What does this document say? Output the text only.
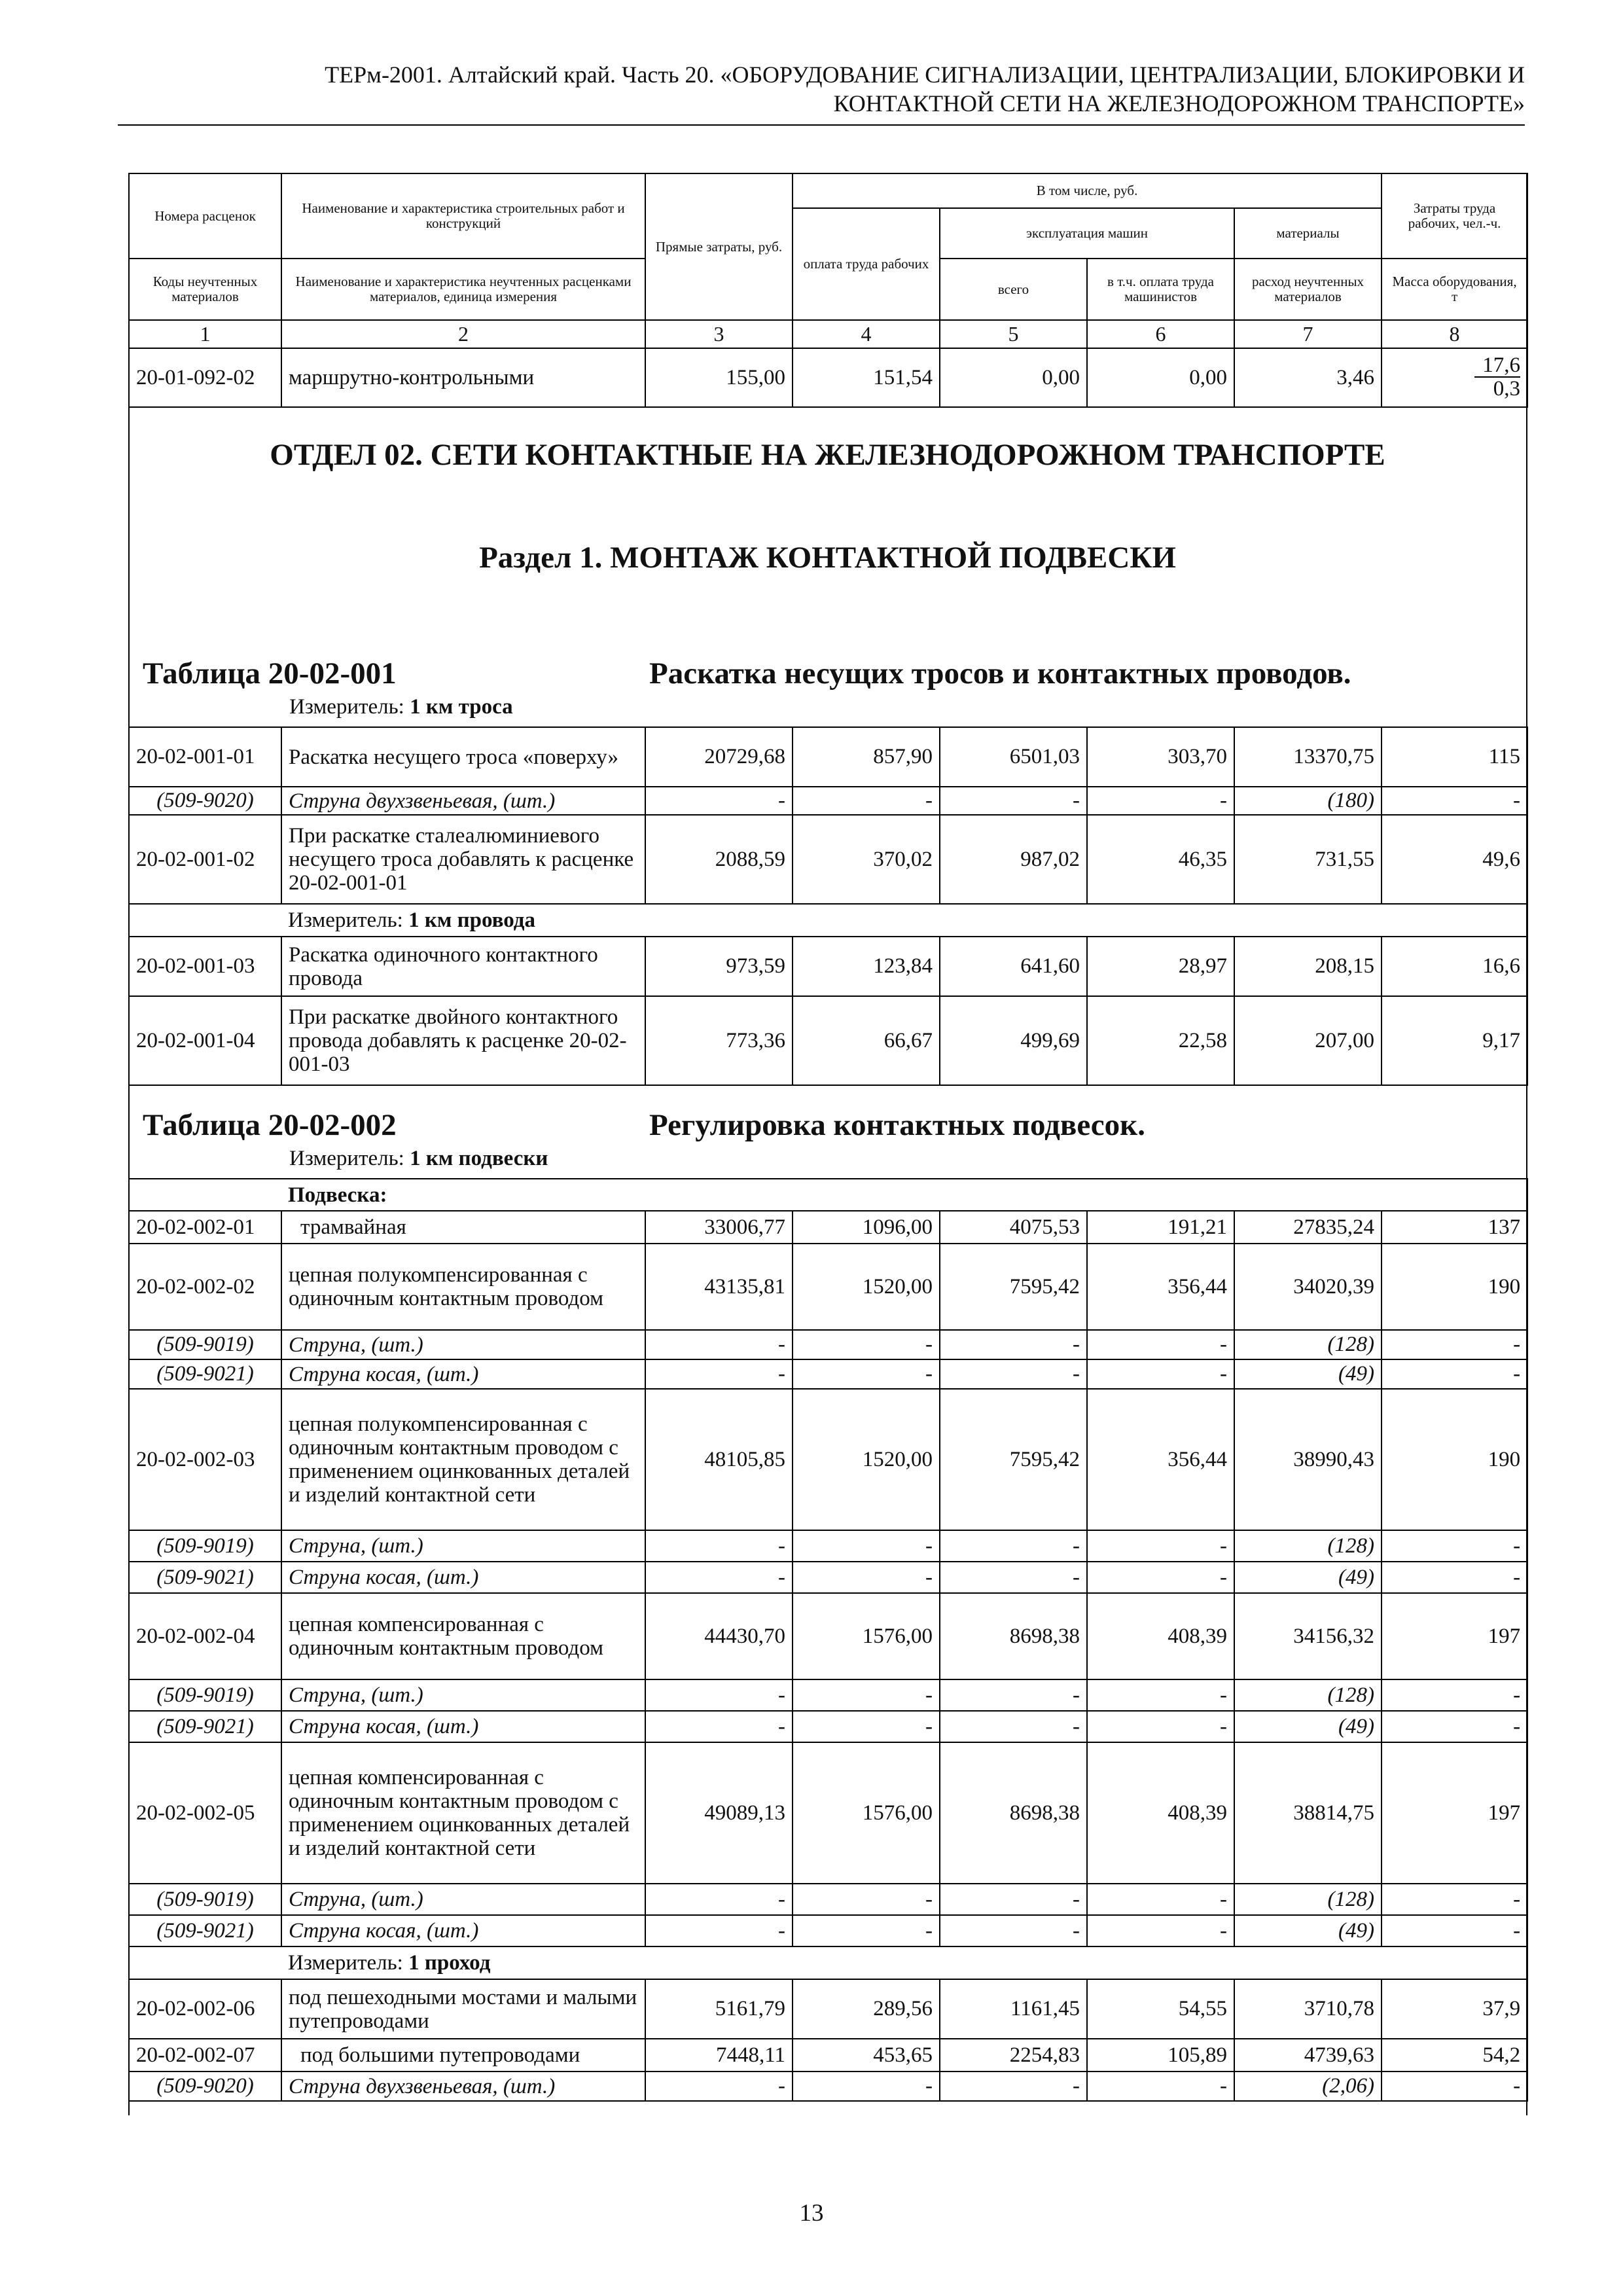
ТЕРм-2001. Алтайский край. Часть 20. «ОБОРУДОВАНИЕ СИГНАЛИЗАЦИИ, ЦЕНТРАЛИЗАЦИИ, БЛОКИРОВКИ И
КОНТАКТНОЙ СЕТИ НА ЖЕЛЕЗНОДОРОЖНОМ ТРАНСПОРТЕ»
Номера расценок	Наименование и характеристика строительных работ и конструкций	Прямые затраты, руб.	В том числе, руб.				Затраты труда рабочих, чел.-ч.
			оплата труда рабочих	эксплуатация машин		материалы	
Коды неучтенных материалов	Наименование и характеристика неучтенных расценками материалов, единица измерения			всего	в т.ч. оплата труда машинистов	расход неучтенных материалов	Масса оборудования, т
1	2	3	4	5	6	7	8
20-01-092-02	маршрутно-контрольными	155,00	151,54	0,00	0,00	3,46	$\frac{17,6}{0,3}$
ОТДЕЛ 02. СЕТИ КОНТАКТНЫЕ НА ЖЕЛЕЗНОДОРОЖНОМ ТРАНСПОРТЕ
Раздел 1. МОНТАЖ КОНТАКТНОЙ ПОДВЕСКИ
Таблица 20-02-001	Раскатка несущих тросов и контактных проводов.
Измеритель: 1 км троса
20-02-001-01	Раскатка несущего троса «поверху»	20729,68	857,90	6501,03	303,70	13370,75	115
(509-9020)	Струна двухзвеньевая, (шт.)	-	-	-	-	(180)	-
20-02-001-02	При раскатке сталеалюминиевого несущего троса добавлять к расценке 20-02-001-01	2088,59	370,02	987,02	46,35	731,55	49,6
	Измеритель: 1 км провода						
20-02-001-03	Раскатка одиночного контактного провода	973,59	123,84	641,60	28,97	208,15	16,6
20-02-001-04	При раскатке двойного контактного провода добавлять к расценке 20-02-001-03	773,36	66,67	499,69	22,58	207,00	9,17
Таблица 20-02-002	Регулировка контактных подвесок.
Измеритель: 1 км подвески
	Подвеска:						
20-02-002-01	трамвайная	33006,77	1096,00	4075,53	191,21	27835,24	137
20-02-002-02	цепная полукомпенсированная с одиночным контактным проводом	43135,81	1520,00	7595,42	356,44	34020,39	190
(509-9019)	Струна, (шт.)	-	-	-	-	(128)	-
(509-9021)	Струна косая, (шт.)	-	-	-	-	(49)	-
20-02-002-03	цепная полукомпенсированная с одиночным контактным проводом с применением оцинкованных деталей и изделий контактной сети	48105,85	1520,00	7595,42	356,44	38990,43	190
(509-9019)	Струна, (шт.)	-	-	-	-	(128)	-
(509-9021)	Струна косая, (шт.)	-	-	-	-	(49)	-
20-02-002-04	цепная компенсированная с одиночным контактным проводом	44430,70	1576,00	8698,38	408,39	34156,32	197
(509-9019)	Струна, (шт.)	-	-	-	-	(128)	-
(509-9021)	Струна косая, (шт.)	-	-	-	-	(49)	-
20-02-002-05	цепная компенсированная с одиночным контактным проводом с применением оцинкованных деталей и изделий контактной сети	49089,13	1576,00	8698,38	408,39	38814,75	197
(509-9019)	Струна, (шт.)	-	-	-	-	(128)	-
(509-9021)	Струна косая, (шт.)	-	-	-	-	(49)	-
	Измеритель: 1 проход						
20-02-002-06	под пешеходными мостами и малыми путепроводами	5161,79	289,56	1161,45	54,55	3710,78	37,9
20-02-002-07	под большими путепроводами	7448,11	453,65	2254,83	105,89	4739,63	54,2
(509-9020)	Струна двухзвеньевая, (шт.)	-	-	-	-	(2,06)	-
13
